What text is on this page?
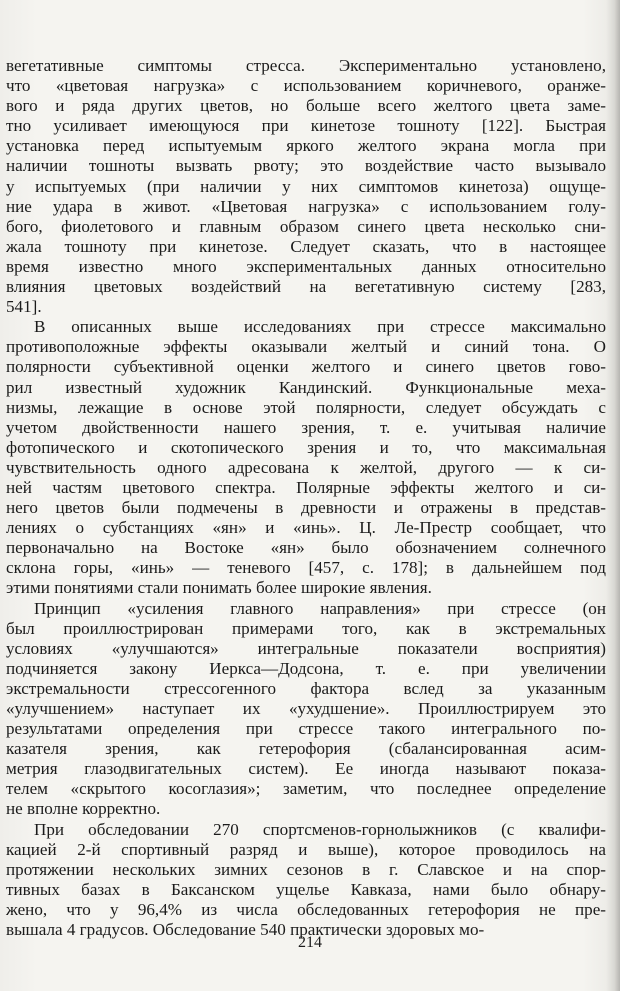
вегетативные симптомы стресса. Экспериментально установлено,
что «цветовая нагрузка» с использованием коричневого, оранже-
вого и ряда других цветов, но больше всего желтого цвета заме-
тно усиливает имеющуюся при кинетозе тошноту [122]. Быстрая
установка перед испытуемым яркого желтого экрана могла при
наличии тошноты вызвать рвоту; это воздействие часто вызывало
у испытуемых (при наличии у них симптомов кинетоза) ощуще-
ние удара в живот. «Цветовая нагрузка» с использованием голу-
бого, фиолетового и главным образом синего цвета несколько сни-
жала тошноту при кинетозе. Следует сказать, что в настоящее
время известно много экспериментальных данных относительно
влияния цветовых воздействий на вегетативную систему [283,
541].
В описанных выше исследованиях при стрессе максимально
противоположные эффекты оказывали желтый и синий тона. О
полярности субъективной оценки желтого и синего цветов гово-
рил известный художник Кандинский. Функциональные меха-
низмы, лежащие в основе этой полярности, следует обсуждать с
учетом двойственности нашего зрения, т. е. учитывая наличие
фотопического и скотопического зрения и то, что максимальная
чувствительность одного адресована к желтой, другого — к си-
ней частям цветового спектра. Полярные эффекты желтого и си-
него цветов были подмечены в древности и отражены в представ-
лениях о субстанциях «ян» и «инь». Ц. Ле-Престр сообщает, что
первоначально на Востоке «ян» было обозначением солнечного
склона горы, «инь» — теневого [457, с. 178]; в дальнейшем под
этими понятиями стали понимать более широкие явления.
Принцип «усиления главного направления» при стрессе (он
был проиллюстрирован примерами того, как в экстремальных
условиях «улучшаются» интегральные показатели восприятия)
подчиняется закону Иеркса—Додсона, т. е. при увеличении
экстремальности стрессогенного фактора вслед за указанным
«улучшением» наступает их «ухудшение». Проиллюстрируем это
результатами определения при стрессе такого интегрального по-
казателя зрения, как гетерофория (сбалансированная асим-
метрия глазодвигательных систем). Ее иногда называют показа-
телем «скрытого косоглазия»; заметим, что последнее определение
не вполне корректно.
При обследовании 270 спортсменов-горнолыжников (с квалифи-
кацией 2-й спортивный разряд и выше), которое проводилось на
протяжении нескольких зимних сезонов в г. Славское и на спор-
тивных базах в Баксанском ущелье Кавказа, нами было обнару-
жено, что у 96,4% из числа обследованных гетерофория не пре-
вышала 4 градусов. Обследование 540 практически здоровых мо-
214
